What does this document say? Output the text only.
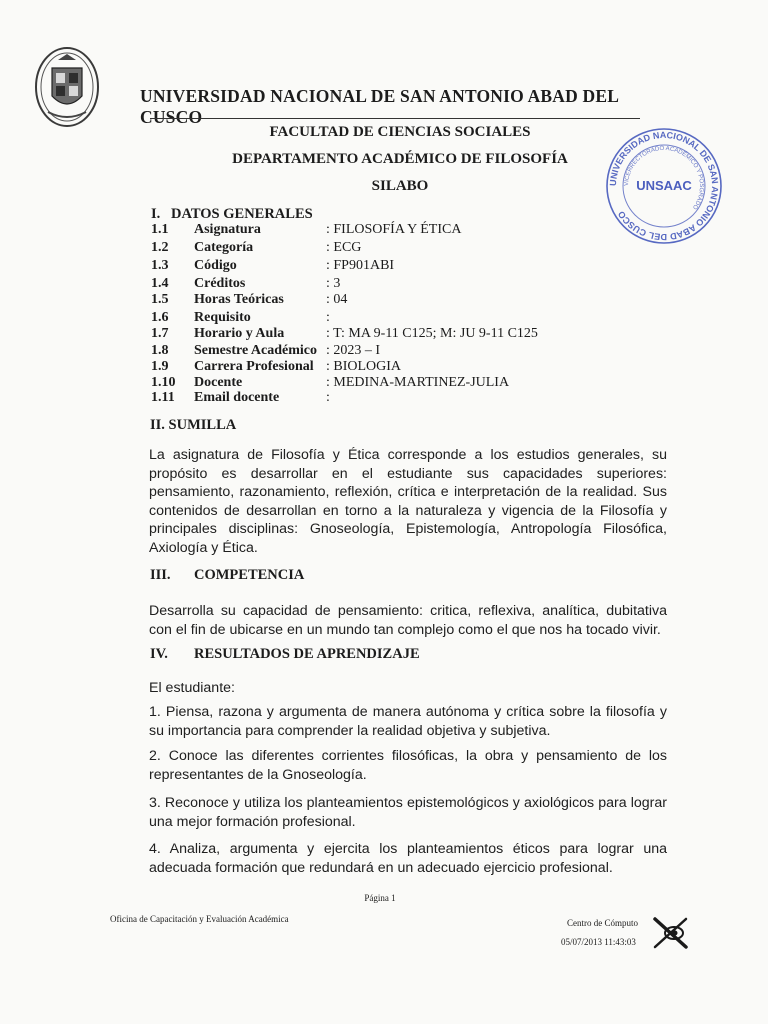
UNIVERSIDAD NACIONAL DE SAN ANTONIO ABAD DEL CUSCO
FACULTAD DE CIENCIAS SOCIALES
DEPARTAMENTO ACADÉMICO DE FILOSOFÍA
SILABO	UNIVERSIDAD NACIONAL DE SAN ANTONIO ABAD DEL CUSCO
VICERRECTORADO ACADÉMICO Y POSGRADO
UNSAAC
I. DATOS GENERALES
1.1 Asignatura	: FILOSOFÍA Y ÉTICA
1.2 Categoría	: ECG
1.3 Código	: FP901ABI
1.4 Créditos	: 3
1.5 Horas Teóricas	: 04
1.6 Requisito	:
1.7 Horario y Aula	: T: MA 9-11 C125; M: JU 9-11 C125
1.8 Semestre Académico : 2023 – I
1.9 Carrera Profesional : BIOLOGIA
1.10 Docente	: MEDINA-MARTINEZ-JULIA
1.11 Email docente	:
II. SUMILLA
La asignatura de Filosofía y Ética corresponde a los estudios generales, su propósito es desarrollar en el estudiante sus capacidades superiores: pensamiento, razonamiento, reflexión, crítica e interpretación de la realidad. Sus contenidos de desarrollan en torno a la naturaleza y vigencia de la Filosofía y principales disciplinas: Gnoseología, Epistemología, Antropología Filosófica, Axiología y Ética.
III. COMPETENCIA
Desarrolla su capacidad de pensamiento: critica, reflexiva, analítica, dubitativa con el fin de ubicarse en un mundo tan complejo como el que nos ha tocado vivir.
IV. RESULTADOS DE APRENDIZAJE
El estudiante:
1. Piensa, razona y argumenta de manera autónoma y crítica sobre la filosofía y su importancia para comprender la realidad objetiva y subjetiva.
2. Conoce las diferentes corrientes filosóficas, la obra y pensamiento de los representantes de la Gnoseología.
3. Reconoce y utiliza los planteamientos epistemológicos y axiológicos para lograr una mejor formación profesional.
4. Analiza, argumenta y ejercita los planteamientos éticos para lograr una adecuada formación que redundará en un adecuado ejercicio profesional.
Página 1
Oficina de Capacitación y Evaluación Académica	Centro de Cómputo
05/07/2013 11:43:03
